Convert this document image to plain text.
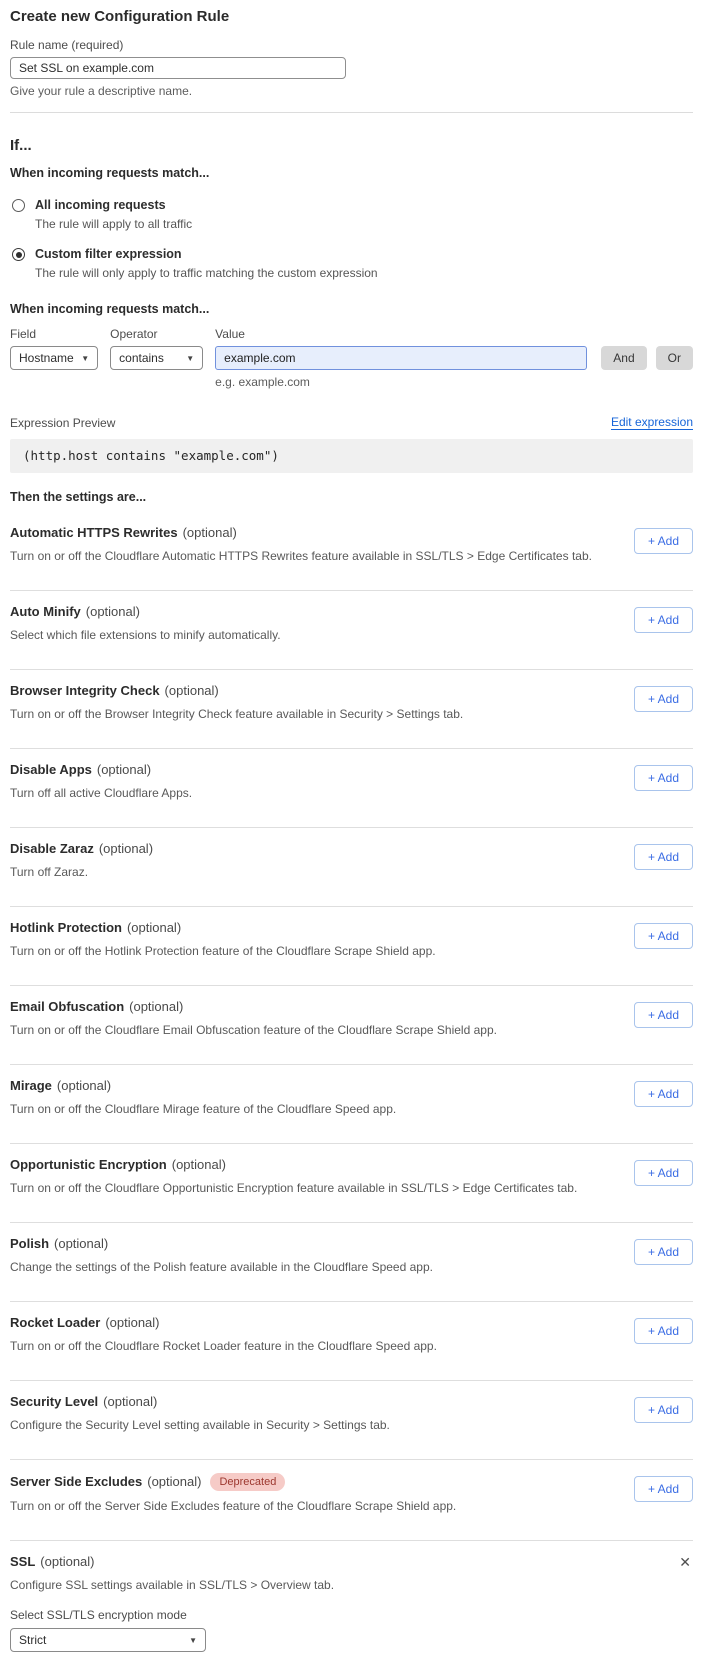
Create new Configuration Rule
Rule name (required)
Set SSL on example.com
Give your rule a descriptive name.
If...
When incoming requests match...
All incoming requests
The rule will apply to all traffic
Custom filter expression
The rule will only apply to traffic matching the custom expression
When incoming requests match...
Field
Hostname ▼
Operator
contains	▼
Value
example.com
e.g. example.com
And	Or
Expression Preview	Edit expression
(http.host contains "example.com")
Then the settings are...
Automatic HTTPS Rewrites (optional)
Turn on or off the Cloudflare Automatic HTTPS Rewrites feature available in SSL/TLS > Edge Certificates tab.
+ Add
Auto Minify (optional)
Select which file extensions to minify automatically.
+ Add
Browser Integrity Check (optional)
Turn on or off the Browser Integrity Check feature available in Security > Settings tab.
+ Add
Disable Apps (optional)
Turn off all active Cloudflare Apps.
+ Add
Disable Zaraz (optional)
Turn off Zaraz.
+ Add
Hotlink Protection (optional)
Turn on or off the Hotlink Protection feature of the Cloudflare Scrape Shield app.
+ Add
Email Obfuscation (optional)
Turn on or off the Cloudflare Email Obfuscation feature of the Cloudflare Scrape Shield app.
+ Add
Mirage (optional)
Turn on or off the Cloudflare Mirage feature of the Cloudflare Speed app.
+ Add
Opportunistic Encryption (optional)
Turn on or off the Cloudflare Opportunistic Encryption feature available in SSL/TLS > Edge Certificates tab.
+ Add
Polish (optional)
Change the settings of the Polish feature available in the Cloudflare Speed app.
+ Add
Rocket Loader (optional)
Turn on or off the Cloudflare Rocket Loader feature in the Cloudflare Speed app.
+ Add
Security Level (optional)
Configure the Security Level setting available in Security > Settings tab.
+ Add
Server Side Excludes (optional)	Deprecated
Turn on or off the Server Side Excludes feature of the Cloudflare Scrape Shield app.
+ Add
SSL (optional)	✕
Configure SSL settings available in SSL/TLS > Overview tab.
Select SSL/TLS encryption mode
Strict	▼
